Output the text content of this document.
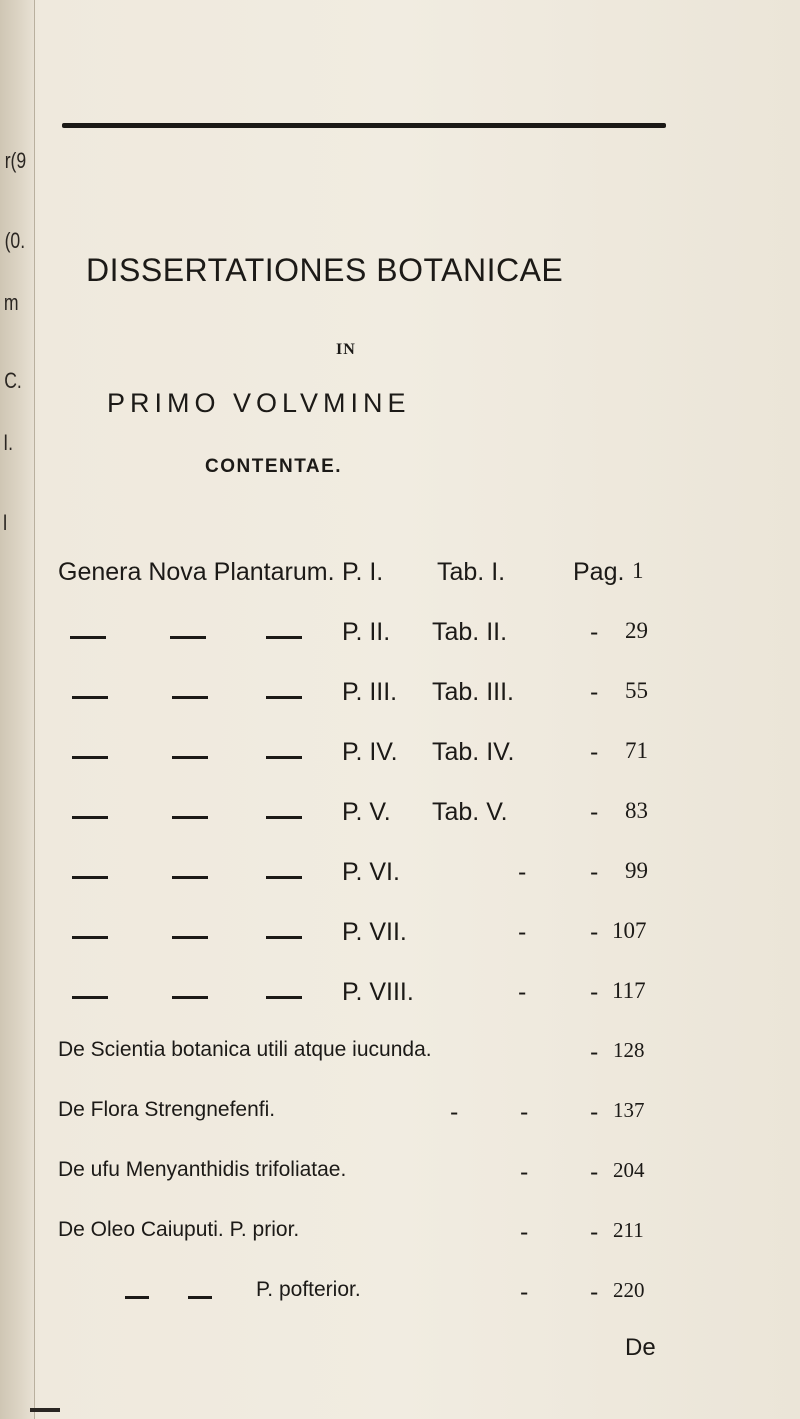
r(9
(0.
m
C.
I.
I
DISSERTATIONES BOTANICAE
IN
PRIMO VOLVMINE
CONTENTAE.
Genera Nova Plantarum. P. I. Tab. I.	Pag. 1
P. II. Tab. II.	- 29
P. III. Tab. III.	- 55
P. IV. Tab. IV.	- 71
P. V. Tab. V.	- 83
P. VI.	-	- 99
P. VII.	-	- 107
P. VIII.	-	- 117
De Scientia botanica utili atque iucunda.	- 128
De Flora Strengnefenfi.	- - - 137
De ufu Menyanthidis trifoliatae.	- - 204
De Oleo Caiuputi. P. prior.	- - 211
P. pofterior.	- - 220
De
